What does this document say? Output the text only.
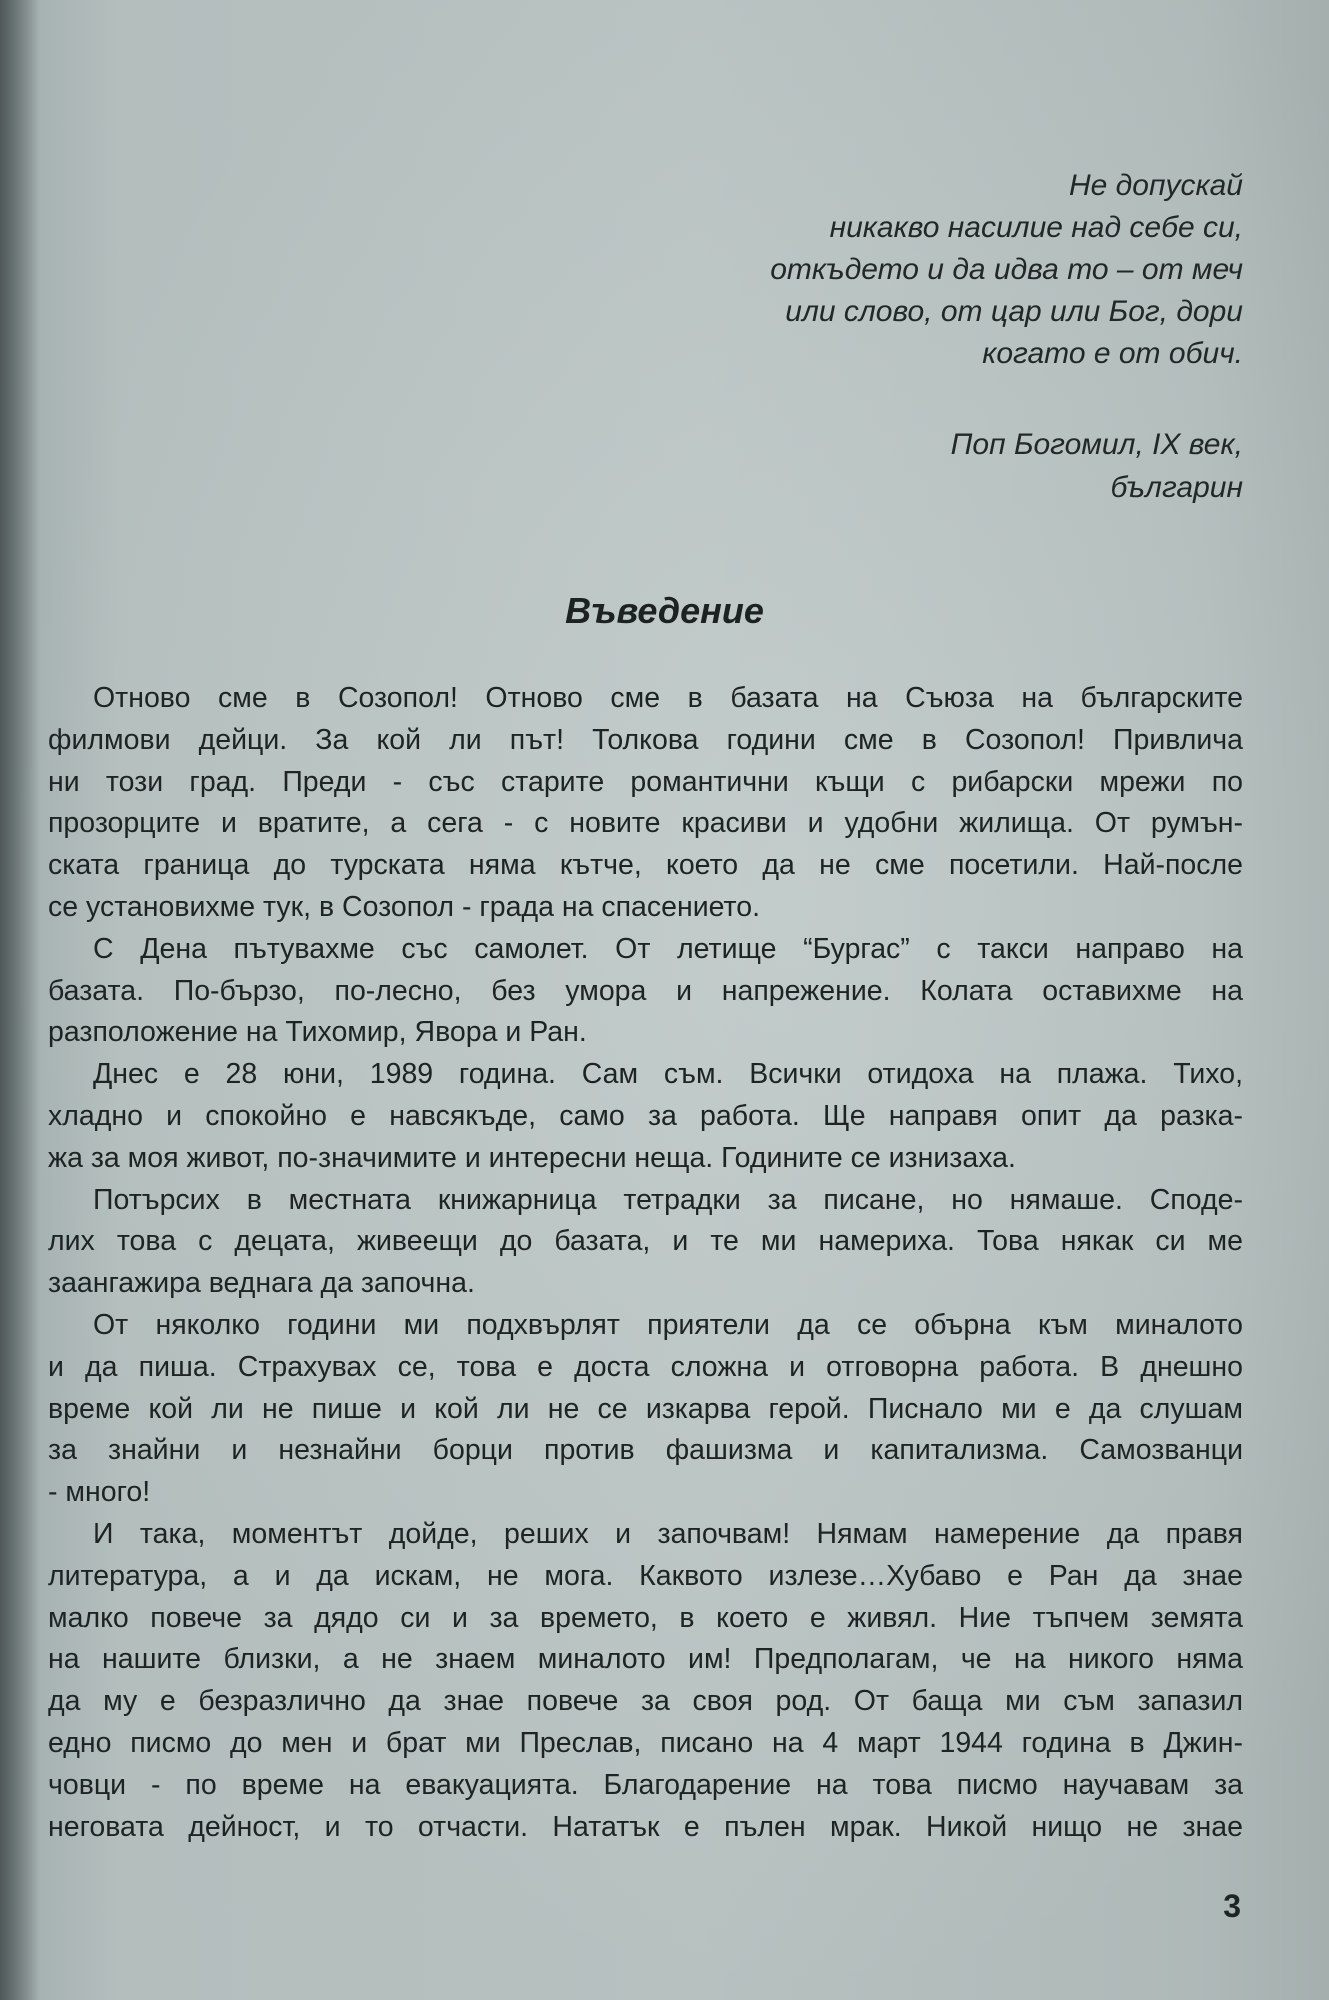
Не допускай
никакво насилие над себе си,
откъдето и да идва то – от меч
или слово, от цар или Бог, дори
когато е от обич.
Поп Богомил, IX век,
българин
Въведение
Отново сме в Созопол! Отново сме в базата на Съюза на българските
филмови дейци. За кой ли път! Толкова години сме в Созопол! Привлича
ни този град. Преди - със старите романтични къщи с рибарски мрежи по
прозорците и вратите, а сега - с новите красиви и удобни жилища. От румън-
ската граница до турската няма кътче, което да не сме посетили. Най-после
се установихме тук, в Созопол - града на спасението.
С Дена пътувахме със самолет. От летище “Бургас” с такси направо на
базата. По-бързо, по-лесно, без умора и напрежение. Колата оставихме на
разположение на Тихомир, Явора и Ран.
Днес е 28 юни, 1989 година. Сам съм. Всички отидоха на плажа. Тихо,
хладно и спокойно е навсякъде, само за работа. Ще направя опит да разка-
жа за моя живот, по-значимите и интересни неща. Годините се изнизаха.
Потърсих в местната книжарница тетрадки за писане, но нямаше. Споде-
лих това с децата, живеещи до базата, и те ми намериха. Това някак си ме
заангажира веднага да започна.
От няколко години ми подхвърлят приятели да се обърна към миналото
и да пиша. Страхувах се, това е доста сложна и отговорна работа. В днешно
време кой ли не пише и кой ли не се изкарва герой. Писнало ми е да слушам
за знайни и незнайни борци против фашизма и капитализма. Самозванци
- много!
И така, моментът дойде, реших и започвам! Нямам намерение да правя
литература, а и да искам, не мога. Каквото излезе…Хубаво е Ран да знае
малко повече за дядо си и за времето, в което е живял. Ние тъпчем земята
на нашите близки, а не знаем миналото им! Предполагам, че на никого няма
да му е безразлично да знае повече за своя род. От баща ми съм запазил
едно писмо до мен и брат ми Преслав, писано на 4 март 1944 година в Джин-
човци - по време на евакуацията. Благодарение на това писмо научавам за
неговата дейност, и то отчасти. Нататък е пълен мрак. Никой нищо не знае
3
